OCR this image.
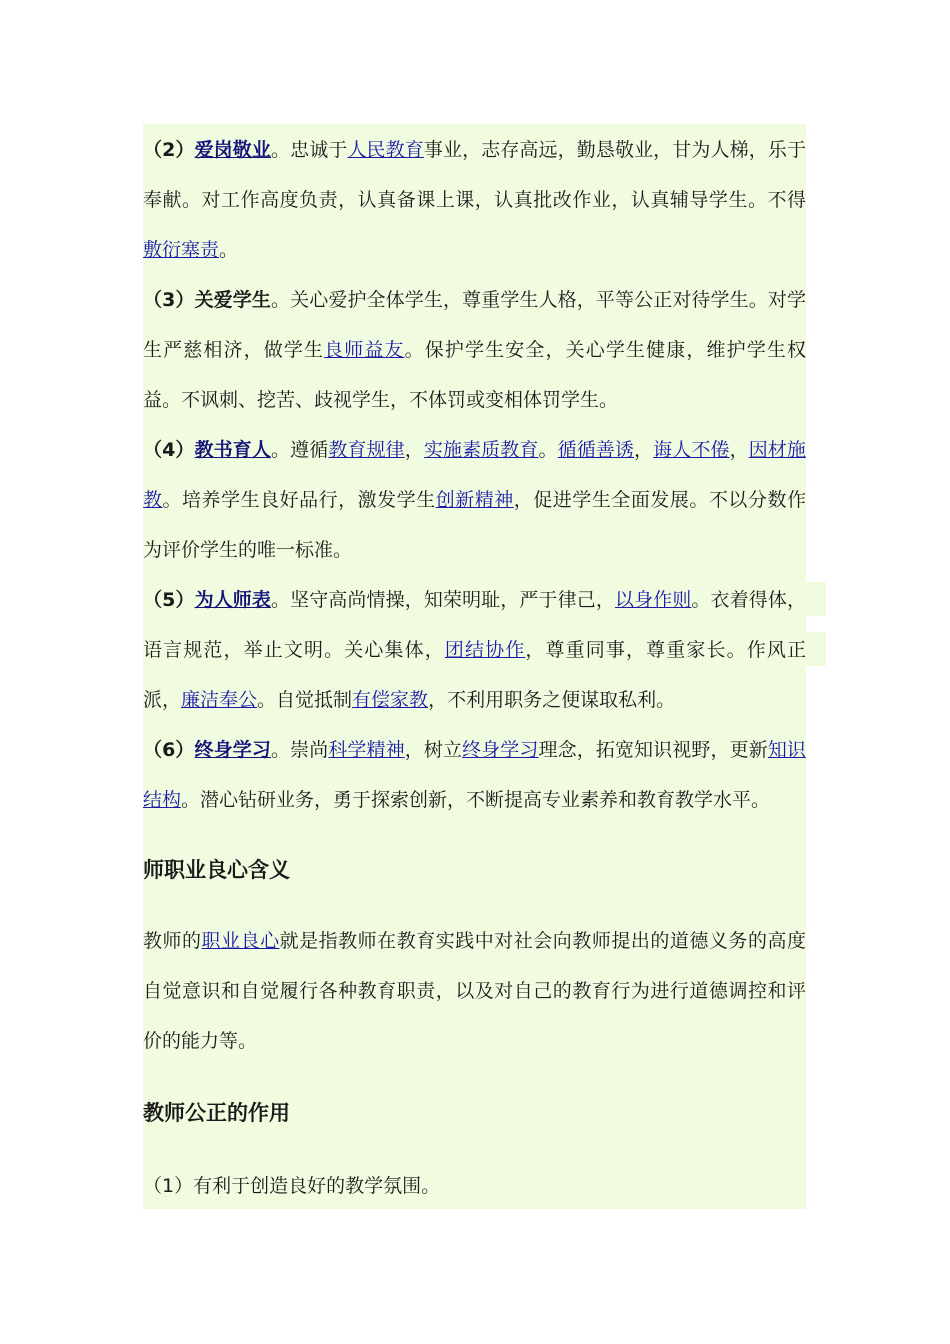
（2）爱岗敬业。忠诚于人民教育事业，志存高远，勤恳敬业，甘为人梯，乐于奉献。对工作高度负责，认真备课上课，认真批改作业，认真辅导学生。不得敷衍塞责。

（3）关爱学生。关心爱护全体学生，尊重学生人格，平等公正对待学生。对学生严慈相济，做学生良师益友。保护学生安全，关心学生健康，维护学生权益。不讽刺、挖苦、歧视学生，不体罚或变相体罚学生。

（4）教书育人。遵循教育规律，实施素质教育。循循善诱，诲人不倦，因材施教。培养学生良好品行，激发学生创新精神，促进学生全面发展。不以分数作为评价学生的唯一标准。

（5）为人师表。坚守高尚情操，知荣明耻，严于律己，以身作则。衣着得体，语言规范，举止文明。关心集体，团结协作，尊重同事，尊重家长。作风正派，廉洁奉公。自觉抵制有偿家教，不利用职务之便谋取私利。

（6）终身学习。崇尚科学精神，树立终身学习理念，拓宽知识视野，更新知识结构。潜心钻研业务，勇于探索创新，不断提高专业素养和教育教学水平。

师职业良心含义

教师的职业良心就是指教师在教育实践中对社会向教师提出的道德义务的高度自觉意识和自觉履行各种教育职责，以及对自己的教育行为进行道德调控和评价的能力等。

教师公正的作用

（1）有利于创造良好的教学氛围。
